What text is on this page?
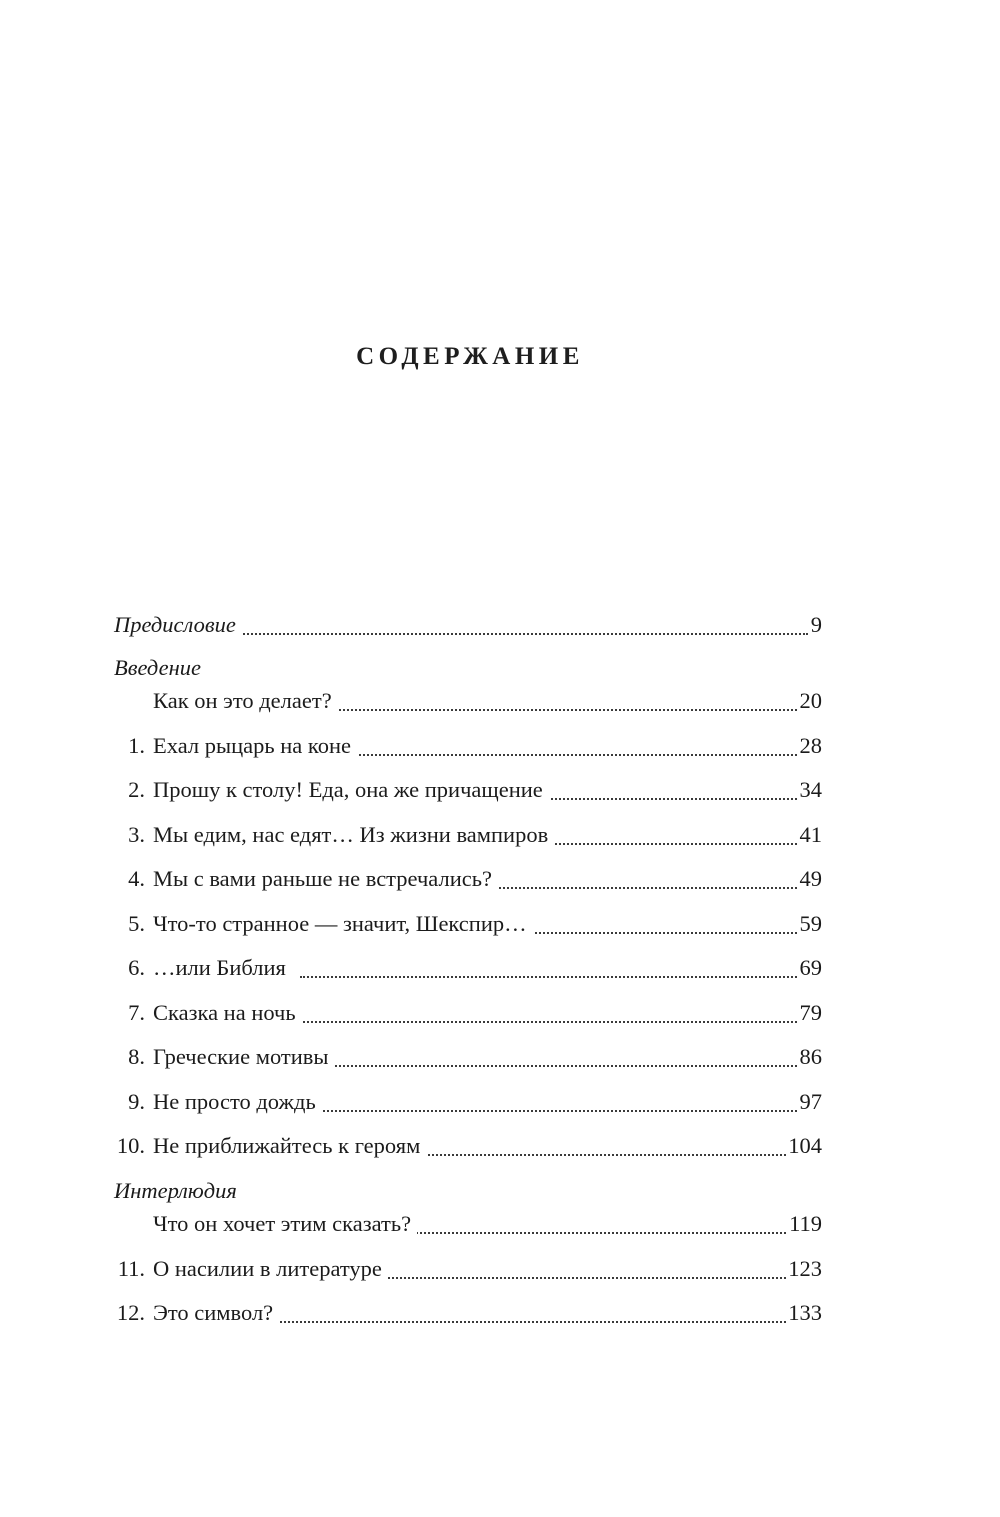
СОДЕРЖАНИЕ
Предисловие	9
Введение
Как он это делает?	20
1. Ехал рыцарь на коне	28
2. Прошу к столу! Еда, она же причащение	34
3. Мы едим, нас едят… Из жизни вампиров	41
4. Мы с вами раньше не встречались?	49
5. Что-то странное — значит, Шекспир…	59
6. …или Библия	69
7. Сказка на ночь	79
8. Греческие мотивы	86
9. Не просто дождь	97
10. Не приближайтесь к героям	104
Интерлюдия
Что он хочет этим сказать?	119
11. О насилии в литературе	123
12. Это символ?	133
